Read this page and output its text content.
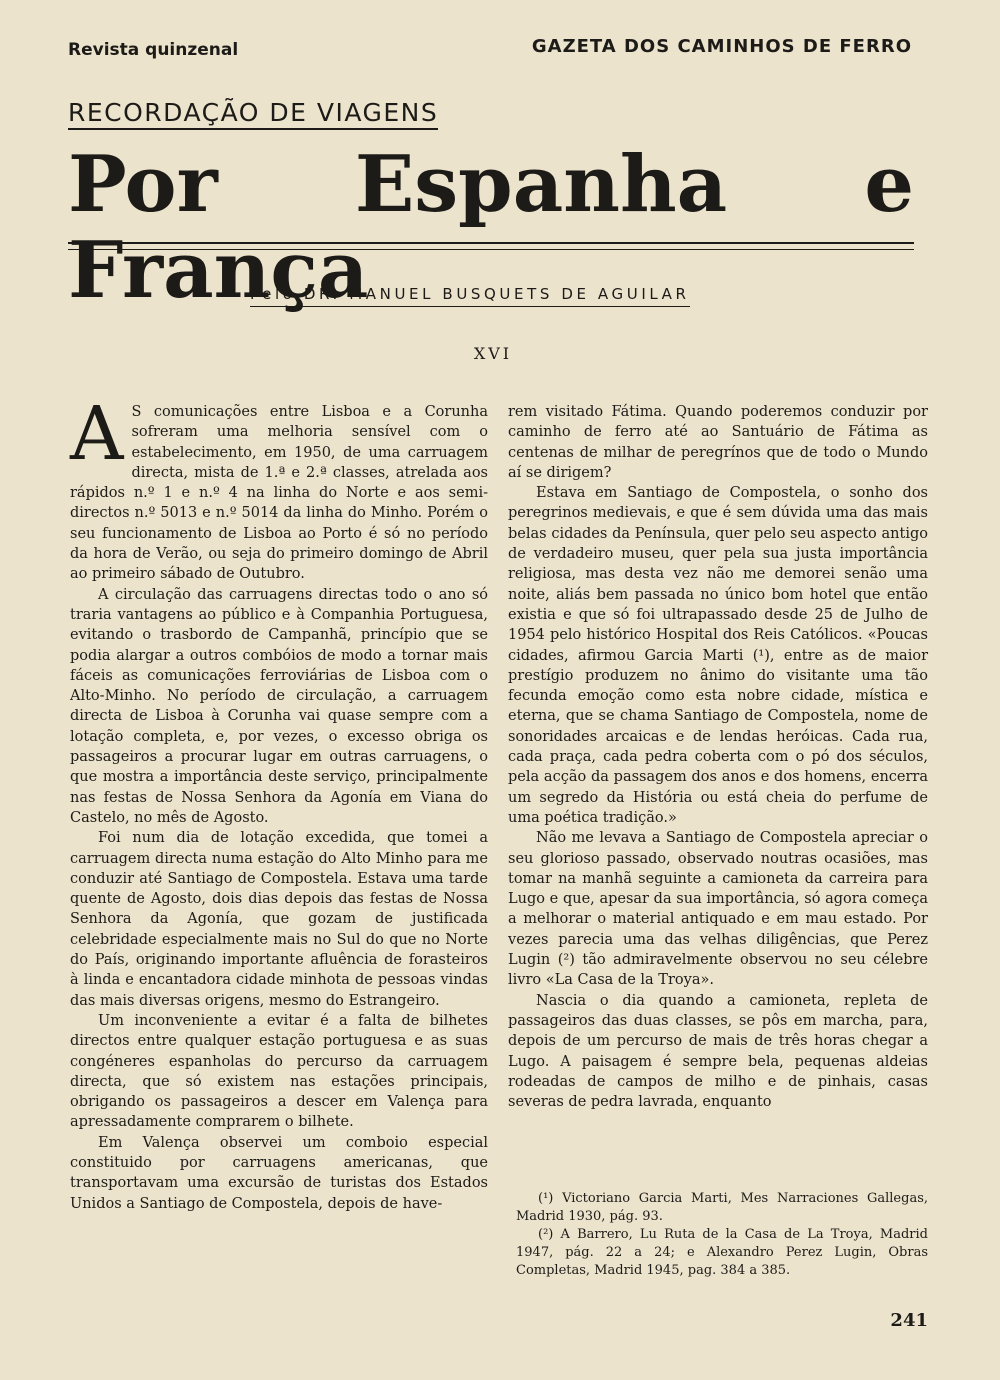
Revista quinzenal	GAZETA DOS CAMINHOS DE FERRO
RECORDAÇÃO DE VIAGENS
Por Espanha e França
Pelo DR. MANUEL BUSQUETS DE AGUILAR
XVI

A S comunicações entre Lisboa e a Corunha sofreram uma melhoria sensível com o estabelecimento, em 1950, de uma carruagem directa, mista de 1.ª e 2.ª classes, atrelada aos rápidos n.º 1 e n.º 4 na linha do Norte e aos semi-directos n.º 5013 e n.º 5014 da linha do Minho. Porém o seu funcionamento de Lisboa ao Porto é só no período da hora de Verão, ou seja do primeiro domingo de Abril ao primeiro sábado de Outubro.

A circulação das carruagens directas todo o ano só traria vantagens ao público e à Companhia Portuguesa, evitando o trasbordo de Campanhã, princípio que se podia alargar a outros combóios de modo a tornar mais fáceis as comunicações ferroviárias de Lisboa com o Alto-Minho. No período de circulação, a carruagem directa de Lisboa à Corunha vai quase sempre com a lotação completa, e, por vezes, o excesso obriga os passageiros a procurar lugar em outras carruagens, o que mostra a importância deste serviço, principalmente nas festas de Nossa Senhora da Agonía em Viana do Castelo, no mês de Agosto.

Foi num dia de lotação excedida, que tomei a carruagem directa numa estação do Alto Minho para me conduzir até Santiago de Compostela. Estava uma tarde quente de Agosto, dois dias depois das festas de Nossa Senhora da Agonía, que gozam de justificada celebridade especialmente mais no Sul do que no Norte do País, originando importante afluência de forasteiros à linda e encantadora cidade minhota de pessoas vindas das mais diversas origens, mesmo do Estrangeiro.

Um inconveniente a evitar é a falta de bilhetes directos entre qualquer estação portuguesa e as suas congéneres espanholas do percurso da carruagem directa, que só existem nas estações principais, obrigando os passageiros a descer em Valença para apressadamente comprarem o bilhete.

Em Valença observei um comboio especial constituido por carruagens americanas, que transportavam uma excursão de turistas dos Estados Unidos a Santiago de Compostela, depois de have-

rem visitado Fátima. Quando poderemos conduzir por caminho de ferro até ao Santuário de Fátima as centenas de milhar de peregrínos que de todo o Mundo aí se dirigem?

Estava em Santiago de Compostela, o sonho dos peregrinos medievais, e que é sem dúvida uma das mais belas cidades da Península, quer pelo seu aspecto antigo de verdadeiro museu, quer pela sua justa importância religiosa, mas desta vez não me demorei senão uma noite, aliás bem passada no único bom hotel que então existia e que só foi ultrapassado desde 25 de Julho de 1954 pelo histórico Hospital dos Reis Católicos. «Poucas cidades, afirmou Garcia Marti (¹), entre as de maior prestígio produzem no ânimo do visitante uma tão fecunda emoção como esta nobre cidade, mística e eterna, que se chama Santiago de Compostela, nome de sonoridades arcaicas e de lendas heróicas. Cada rua, cada praça, cada pedra coberta com o pó dos séculos, pela acção da passagem dos anos e dos homens, encerra um segredo da História ou está cheia do perfume de uma poética tradição.»

Não me levava a Santiago de Compostela apreciar o seu glorioso passado, observado noutras ocasiões, mas tomar na manhã seguinte a camioneta da carreira para Lugo e que, apesar da sua importância, só agora começa a melhorar o material antiquado e em mau estado. Por vezes parecia uma das velhas diligências, que Perez Lugin (²) tão admiravelmente observou no seu célebre livro «La Casa de la Troya».

Nascia o dia quando a camioneta, repleta de passageiros das duas classes, se pôs em marcha, para, depois de um percurso de mais de três horas chegar a Lugo. A paisagem é sempre bela, pequenas aldeias rodeadas de campos de milho e de pinhais, casas severas de pedra lavrada, enquanto

(¹) Victoriano Garcia Marti, Mes Narraciones Gallegas, Madrid 1930, pág. 93.

(²) A Barrero, Lu Ruta de la Casa de La Troya, Madrid 1947, pág. 22 a 24; e Alexandro Perez Lugin, Obras Completas, Madrid 1945, pag. 384 a 385.

241
